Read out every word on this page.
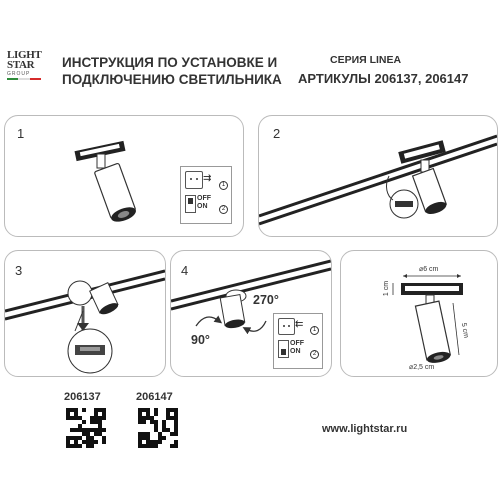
LIGHT
STAR
GROUP
ИНСТРУКЦИЯ ПО УСТАНОВКЕ И
ПОДКЛЮЧЕНИЮ СВЕТИЛЬНИКА
СЕРИЯ LINEA
АРТИКУЛЫ 206137, 206147
1
⇉
1
OFF
ON	2
2
3	4
90°
270°
⇇	1
OFF
ON	2
⌀6 cm
1 cm
5 cm
⌀2,5 cm
206137	206147
www.lightstar.ru
